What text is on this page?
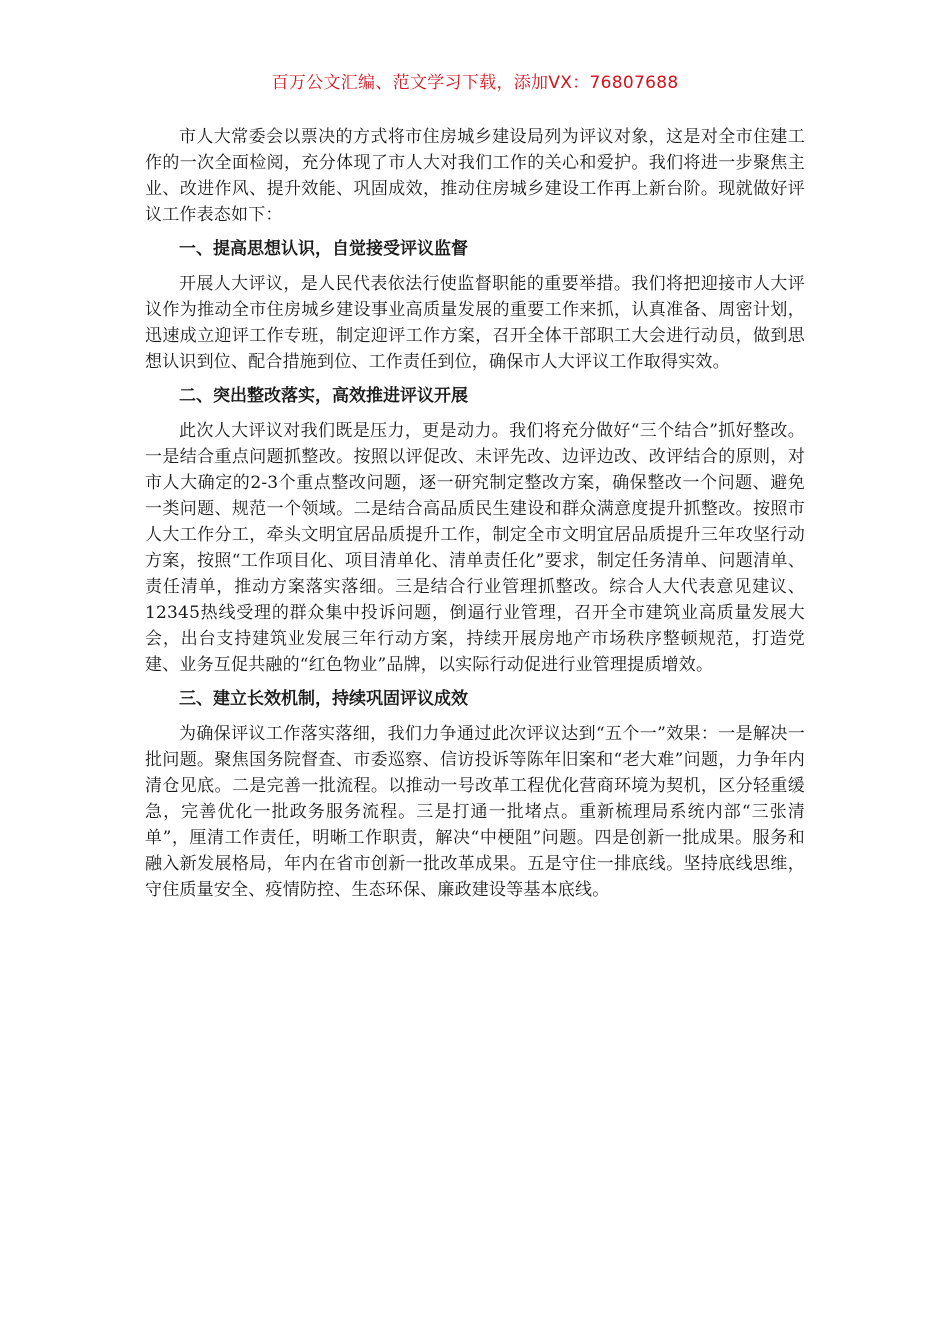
百万公文汇编、范文学习下载，添加VX：76807688

市人大常委会以票决的方式将市住房城乡建设局列为评议对象，这是对全市住建工作的一次全面检阅，充分体现了市人大对我们工作的关心和爱护。我们将进一步聚焦主业、改进作风、提升效能、巩固成效，推动住房城乡建设工作再上新台阶。现就做好评议工作表态如下：

一、提高思想认识，自觉接受评议监督

开展人大评议，是人民代表依法行使监督职能的重要举措。我们将把迎接市人大评议作为推动全市住房城乡建设事业高质量发展的重要工作来抓，认真准备、周密计划，迅速成立迎评工作专班，制定迎评工作方案，召开全体干部职工大会进行动员，做到思想认识到位、配合措施到位、工作责任到位，确保市人大评议工作取得实效。

二、突出整改落实，高效推进评议开展

此次人大评议对我们既是压力，更是动力。我们将充分做好“三个结合”抓好整改。一是结合重点问题抓整改。按照以评促改、未评先改、边评边改、改评结合的原则，对市人大确定的2-3个重点整改问题，逐一研究制定整改方案，确保整改一个问题、避免一类问题、规范一个领域。二是结合高品质民生建设和群众满意度提升抓整改。按照市人大工作分工，牵头文明宜居品质提升工作，制定全市文明宜居品质提升三年攻坚行动方案，按照“工作项目化、项目清单化、清单责任化”要求，制定任务清单、问题清单、责任清单，推动方案落实落细。三是结合行业管理抓整改。综合人大代表意见建议、12345热线受理的群众集中投诉问题，倒逼行业管理，召开全市建筑业高质量发展大会，出台支持建筑业发展三年行动方案，持续开展房地产市场秩序整顿规范，打造党建、业务互促共融的“红色物业”品牌，以实际行动促进行业管理提质增效。

三、建立长效机制，持续巩固评议成效

为确保评议工作落实落细，我们力争通过此次评议达到“五个一”效果：一是解决一批问题。聚焦国务院督查、市委巡察、信访投诉等陈年旧案和“老大难”问题，力争年内清仓见底。二是完善一批流程。以推动一号改革工程优化营商环境为契机，区分轻重缓急，完善优化一批政务服务流程。三是打通一批堵点。重新梳理局系统内部“三张清单”，厘清工作责任，明晰工作职责，解决“中梗阻”问题。四是创新一批成果。服务和融入新发展格局，年内在省市创新一批改革成果。五是守住一排底线。坚持底线思维，守住质量安全、疫情防控、生态环保、廉政建设等基本底线。
